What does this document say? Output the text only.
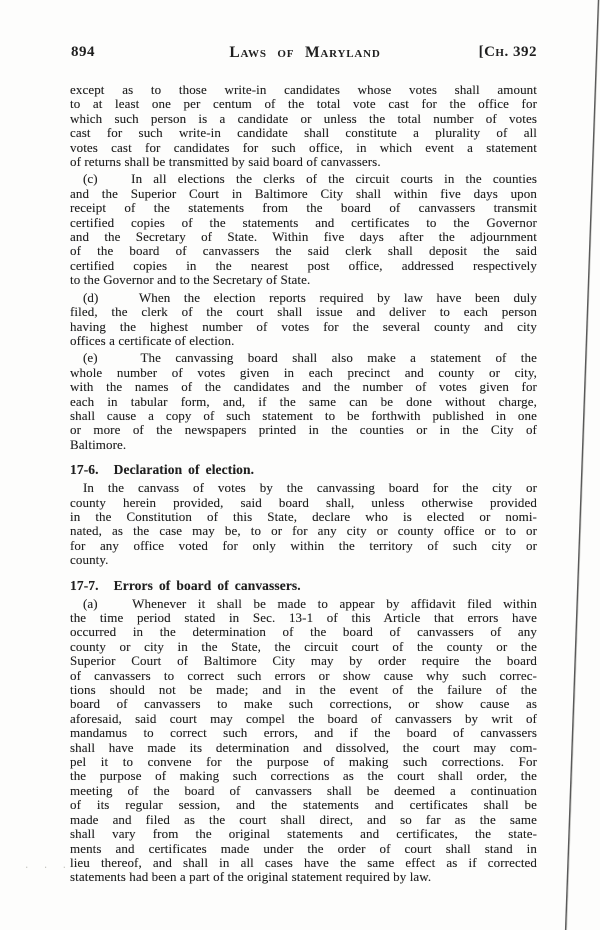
894	Laws of Maryland	[Ch. 392
except as to those write-in candidates whose votes shall amount
to at least one per centum of the total vote cast for the office for
which such person is a candidate or unless the total number of votes
cast for such write-in candidate shall constitute a plurality of all
votes cast for candidates for such office, in which event a statement
of returns shall be transmitted by said board of canvassers.
(c)   In all elections the clerks of the circuit courts in the counties
and the Superior Court in Baltimore City shall within five days upon
receipt of the statements from the board of canvassers transmit
certified copies of the statements and certificates to the Governor
and the Secretary of State. Within five days after the adjournment
of the board of canvassers the said clerk shall deposit the said
certified copies in the nearest post office, addressed respectively
to the Governor and to the Secretary of State.
(d)   When the election reports required by law have been duly
filed, the clerk of the court shall issue and deliver to each person
having the highest number of votes for the several county and city
offices a certificate of election.
(e)   The canvassing board shall also make a statement of the
whole number of votes given in each precinct and county or city,
with the names of the candidates and the number of votes given for
each in tabular form, and, if the same can be done without charge,
shall cause a copy of such statement to be forthwith published in one
or more of the newspapers printed in the counties or in the City of
Baltimore.
17-6. Declaration of election.
In the canvass of votes by the canvassing board for the city or
county herein provided, said board shall, unless otherwise provided
in the Constitution of this State, declare who is elected or nomi-
nated, as the case may be, to or for any city or county office or to or
for any office voted for only within the territory of such city or
county.
17-7. Errors of board of canvassers.
(a)   Whenever it shall be made to appear by affidavit filed within
the time period stated in Sec. 13-1 of this Article that errors have
occurred in the determination of the board of canvassers of any
county or city in the State, the circuit court of the county or the
Superior Court of Baltimore City may by order require the board
of canvassers to correct such errors or show cause why such correc-
tions should not be made; and in the event of the failure of the
board of canvassers to make such corrections, or show cause as
aforesaid, said court may compel the board of canvassers by writ of
mandamus to correct such errors, and if the board of canvassers
shall have made its determination and dissolved, the court may com-
pel it to convene for the purpose of making such corrections. For
the purpose of making such corrections as the court shall order, the
meeting of the board of canvassers shall be deemed a continuation
of its regular session, and the statements and certificates shall be
made and filed as the court shall direct, and so far as the same
shall vary from the original statements and certificates, the state-
ments and certificates made under the order of court shall stand in
lieu thereof, and shall in all cases have the same effect as if corrected
statements had been a part of the original statement required by law.
. . .
